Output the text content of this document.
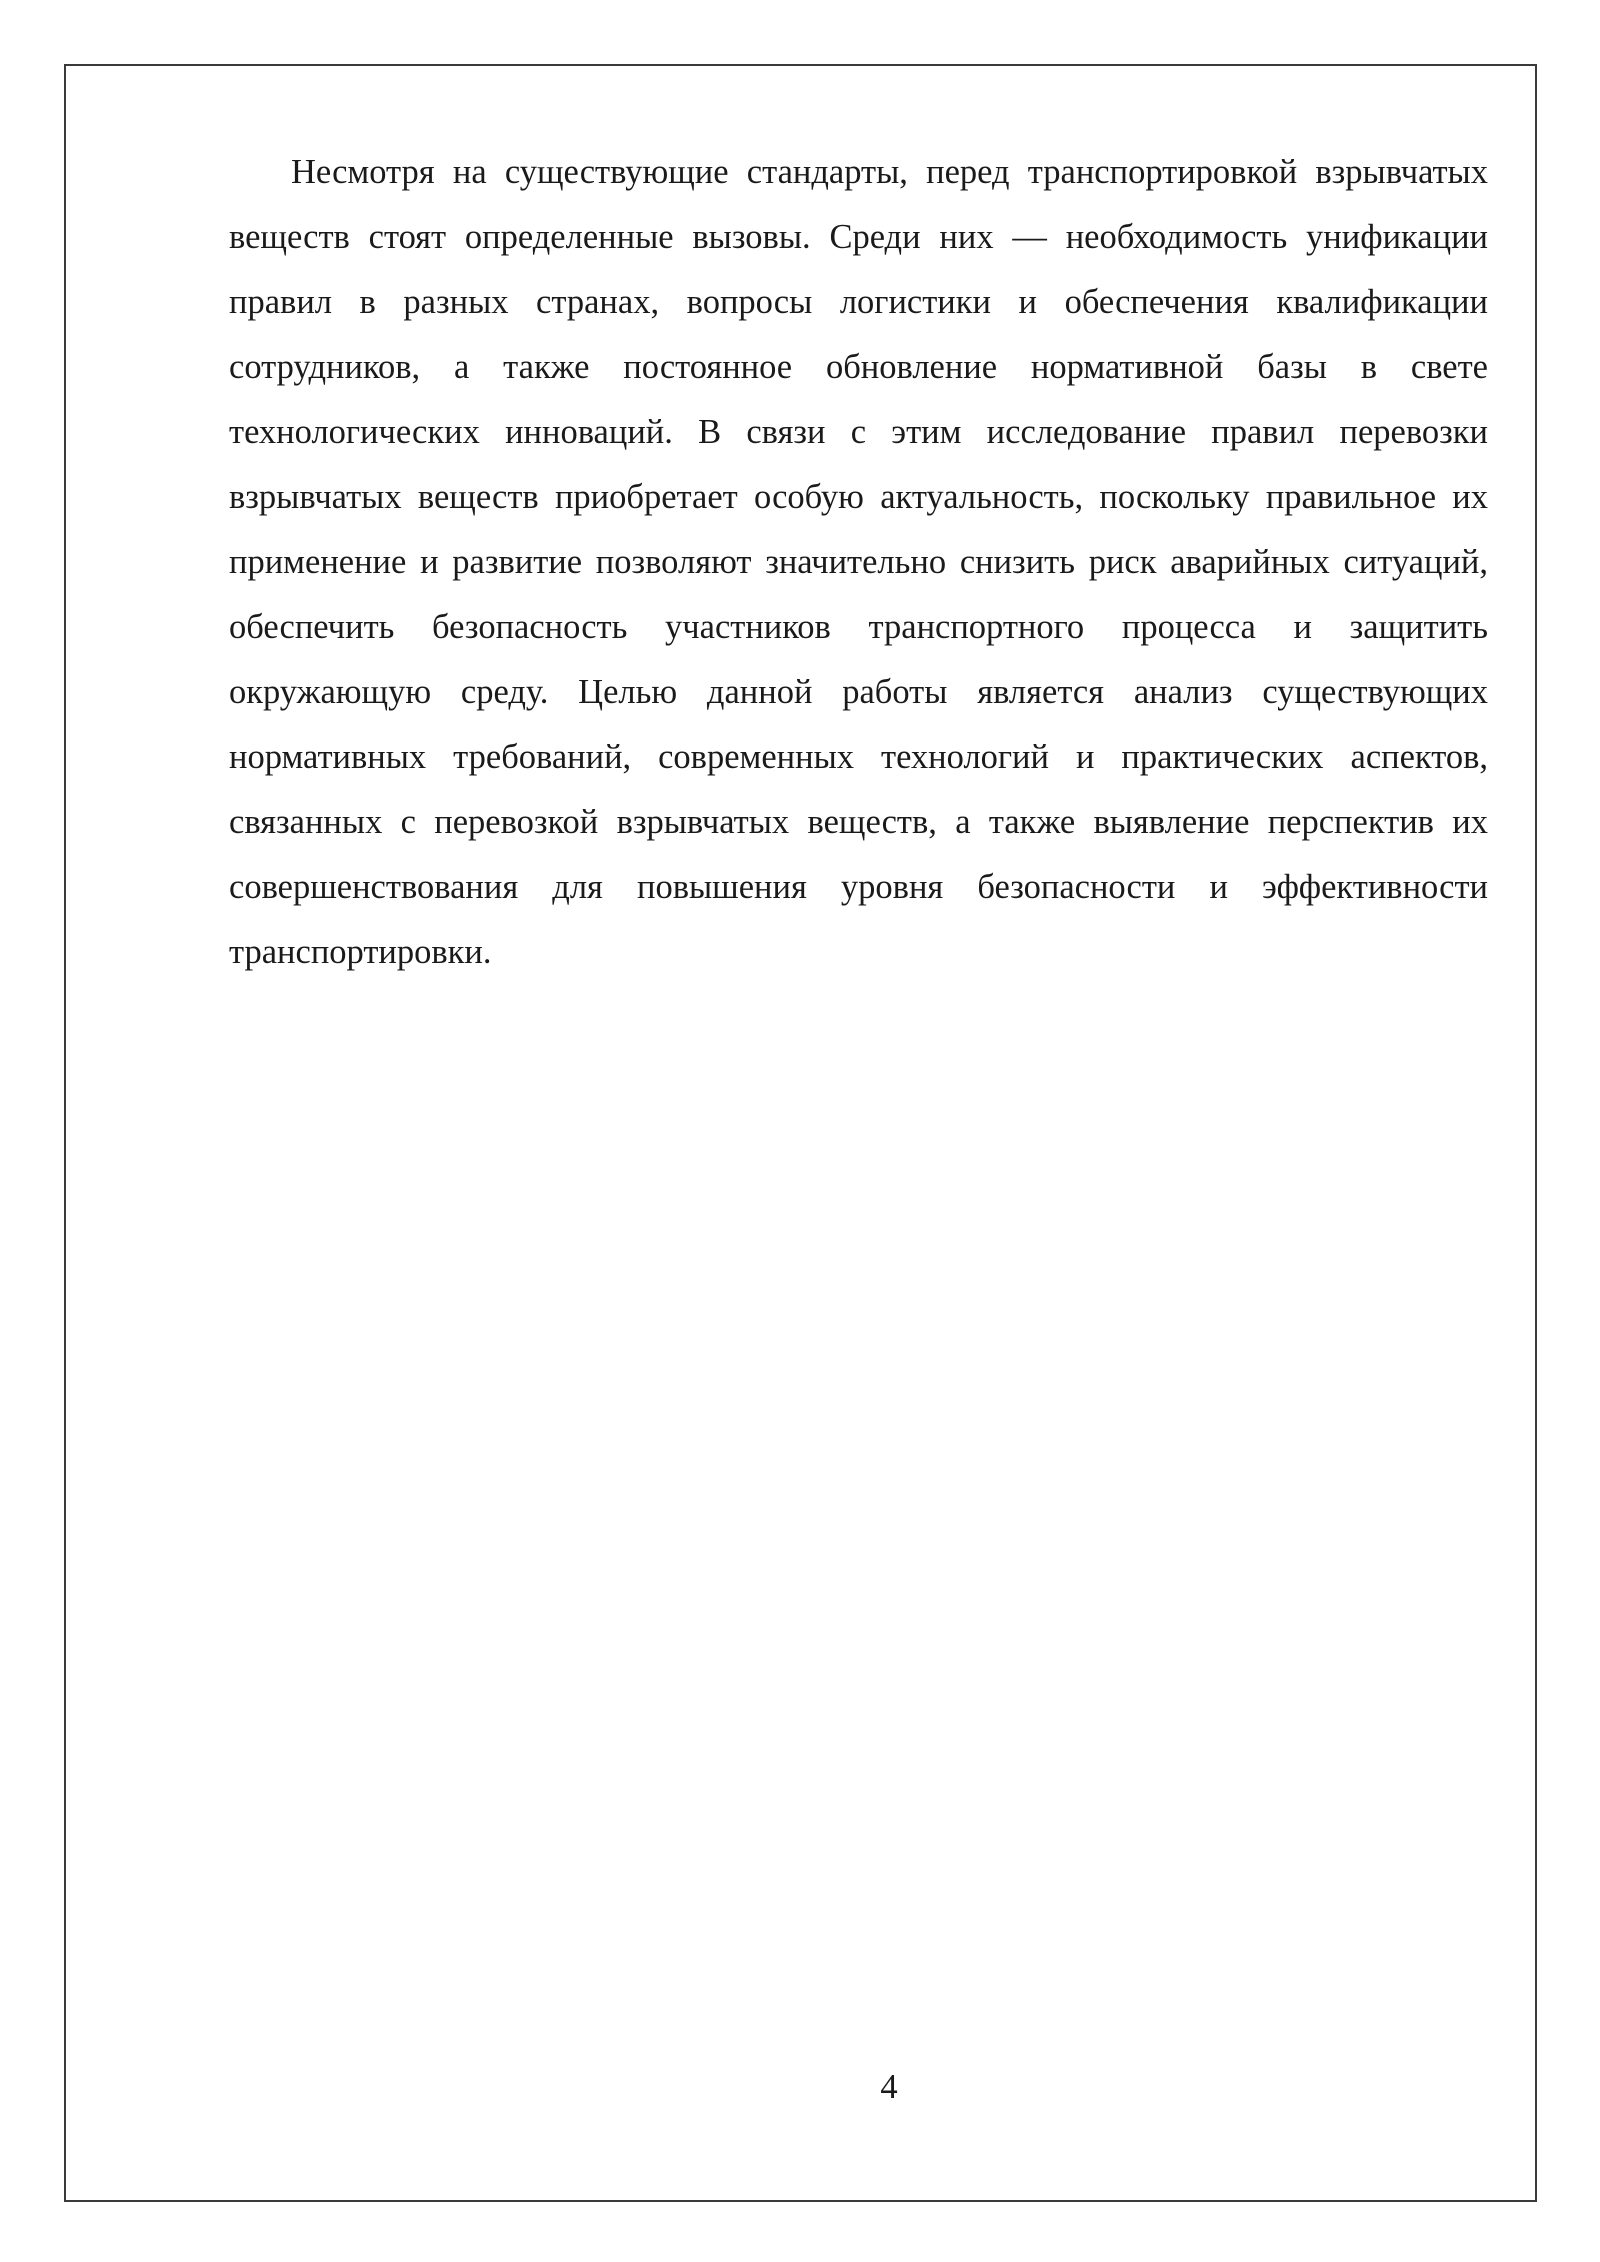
Несмотря на существующие стандарты, перед транспортировкой взрывчатых веществ стоят определенные вызовы. Среди них — необходимость унификации правил в разных странах, вопросы логистики и обеспечения квалификации сотрудников, а также постоянное обновление нормативной базы в свете технологических инноваций. В связи с этим исследование правил перевозки взрывчатых веществ приобретает особую актуальность, поскольку правильное их применение и развитие позволяют значительно снизить риск аварийных ситуаций, обеспечить безопасность участников транспортного процесса и защитить окружающую среду. Целью данной работы является анализ существующих нормативных требований, современных технологий и практических аспектов, связанных с перевозкой взрывчатых веществ, а также выявление перспектив их совершенствования для повышения уровня безопасности и эффективности транспортировки.

4
